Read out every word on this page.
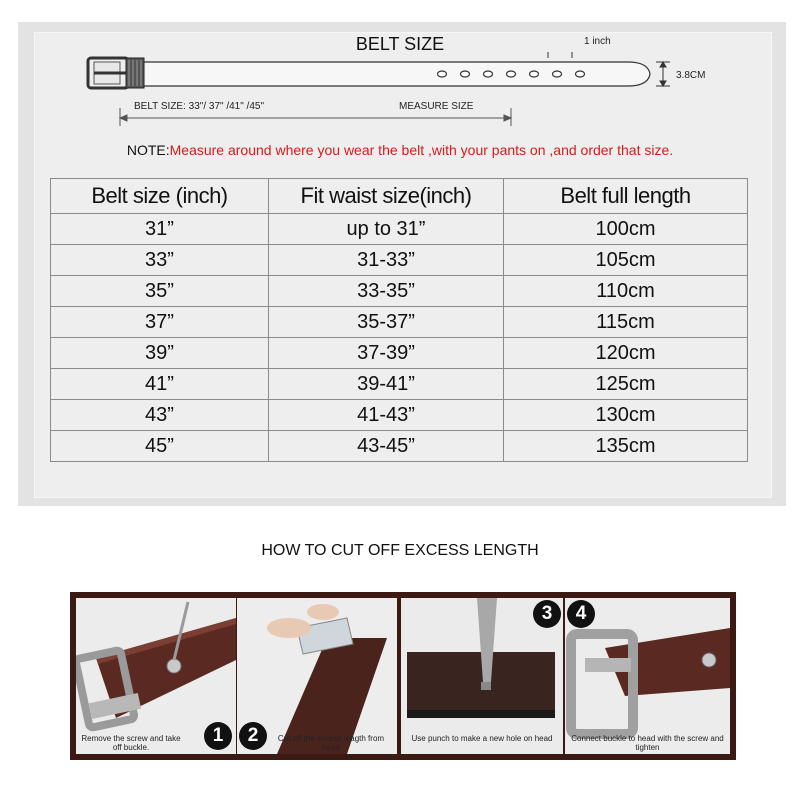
BELT SIZE	1 inch
3.8CM
BELT SIZE: 33"/ 37" /41" /45"	MEASURE SIZE
NOTE:Measure around where you wear the belt ,with your pants on ,and order that size.
Belt size (inch)	Fit waist size(inch)	Belt full length
31”	up to 31”	100cm
33”	31-33”	105cm
35”	33-35”	110cm
37”	35-37”	115cm
39”	37-39”	120cm
41”	39-41”	125cm
43”	41-43”	130cm
45”	43-45”	135cm
HOW TO CUT OFF EXCESS LENGTH
Remove the screw and take off buckle.
1	2	Cut off the excess leagth from head
Use punch to make a new hole on head
3	4
Connect buckle to head with the screw and tighten
